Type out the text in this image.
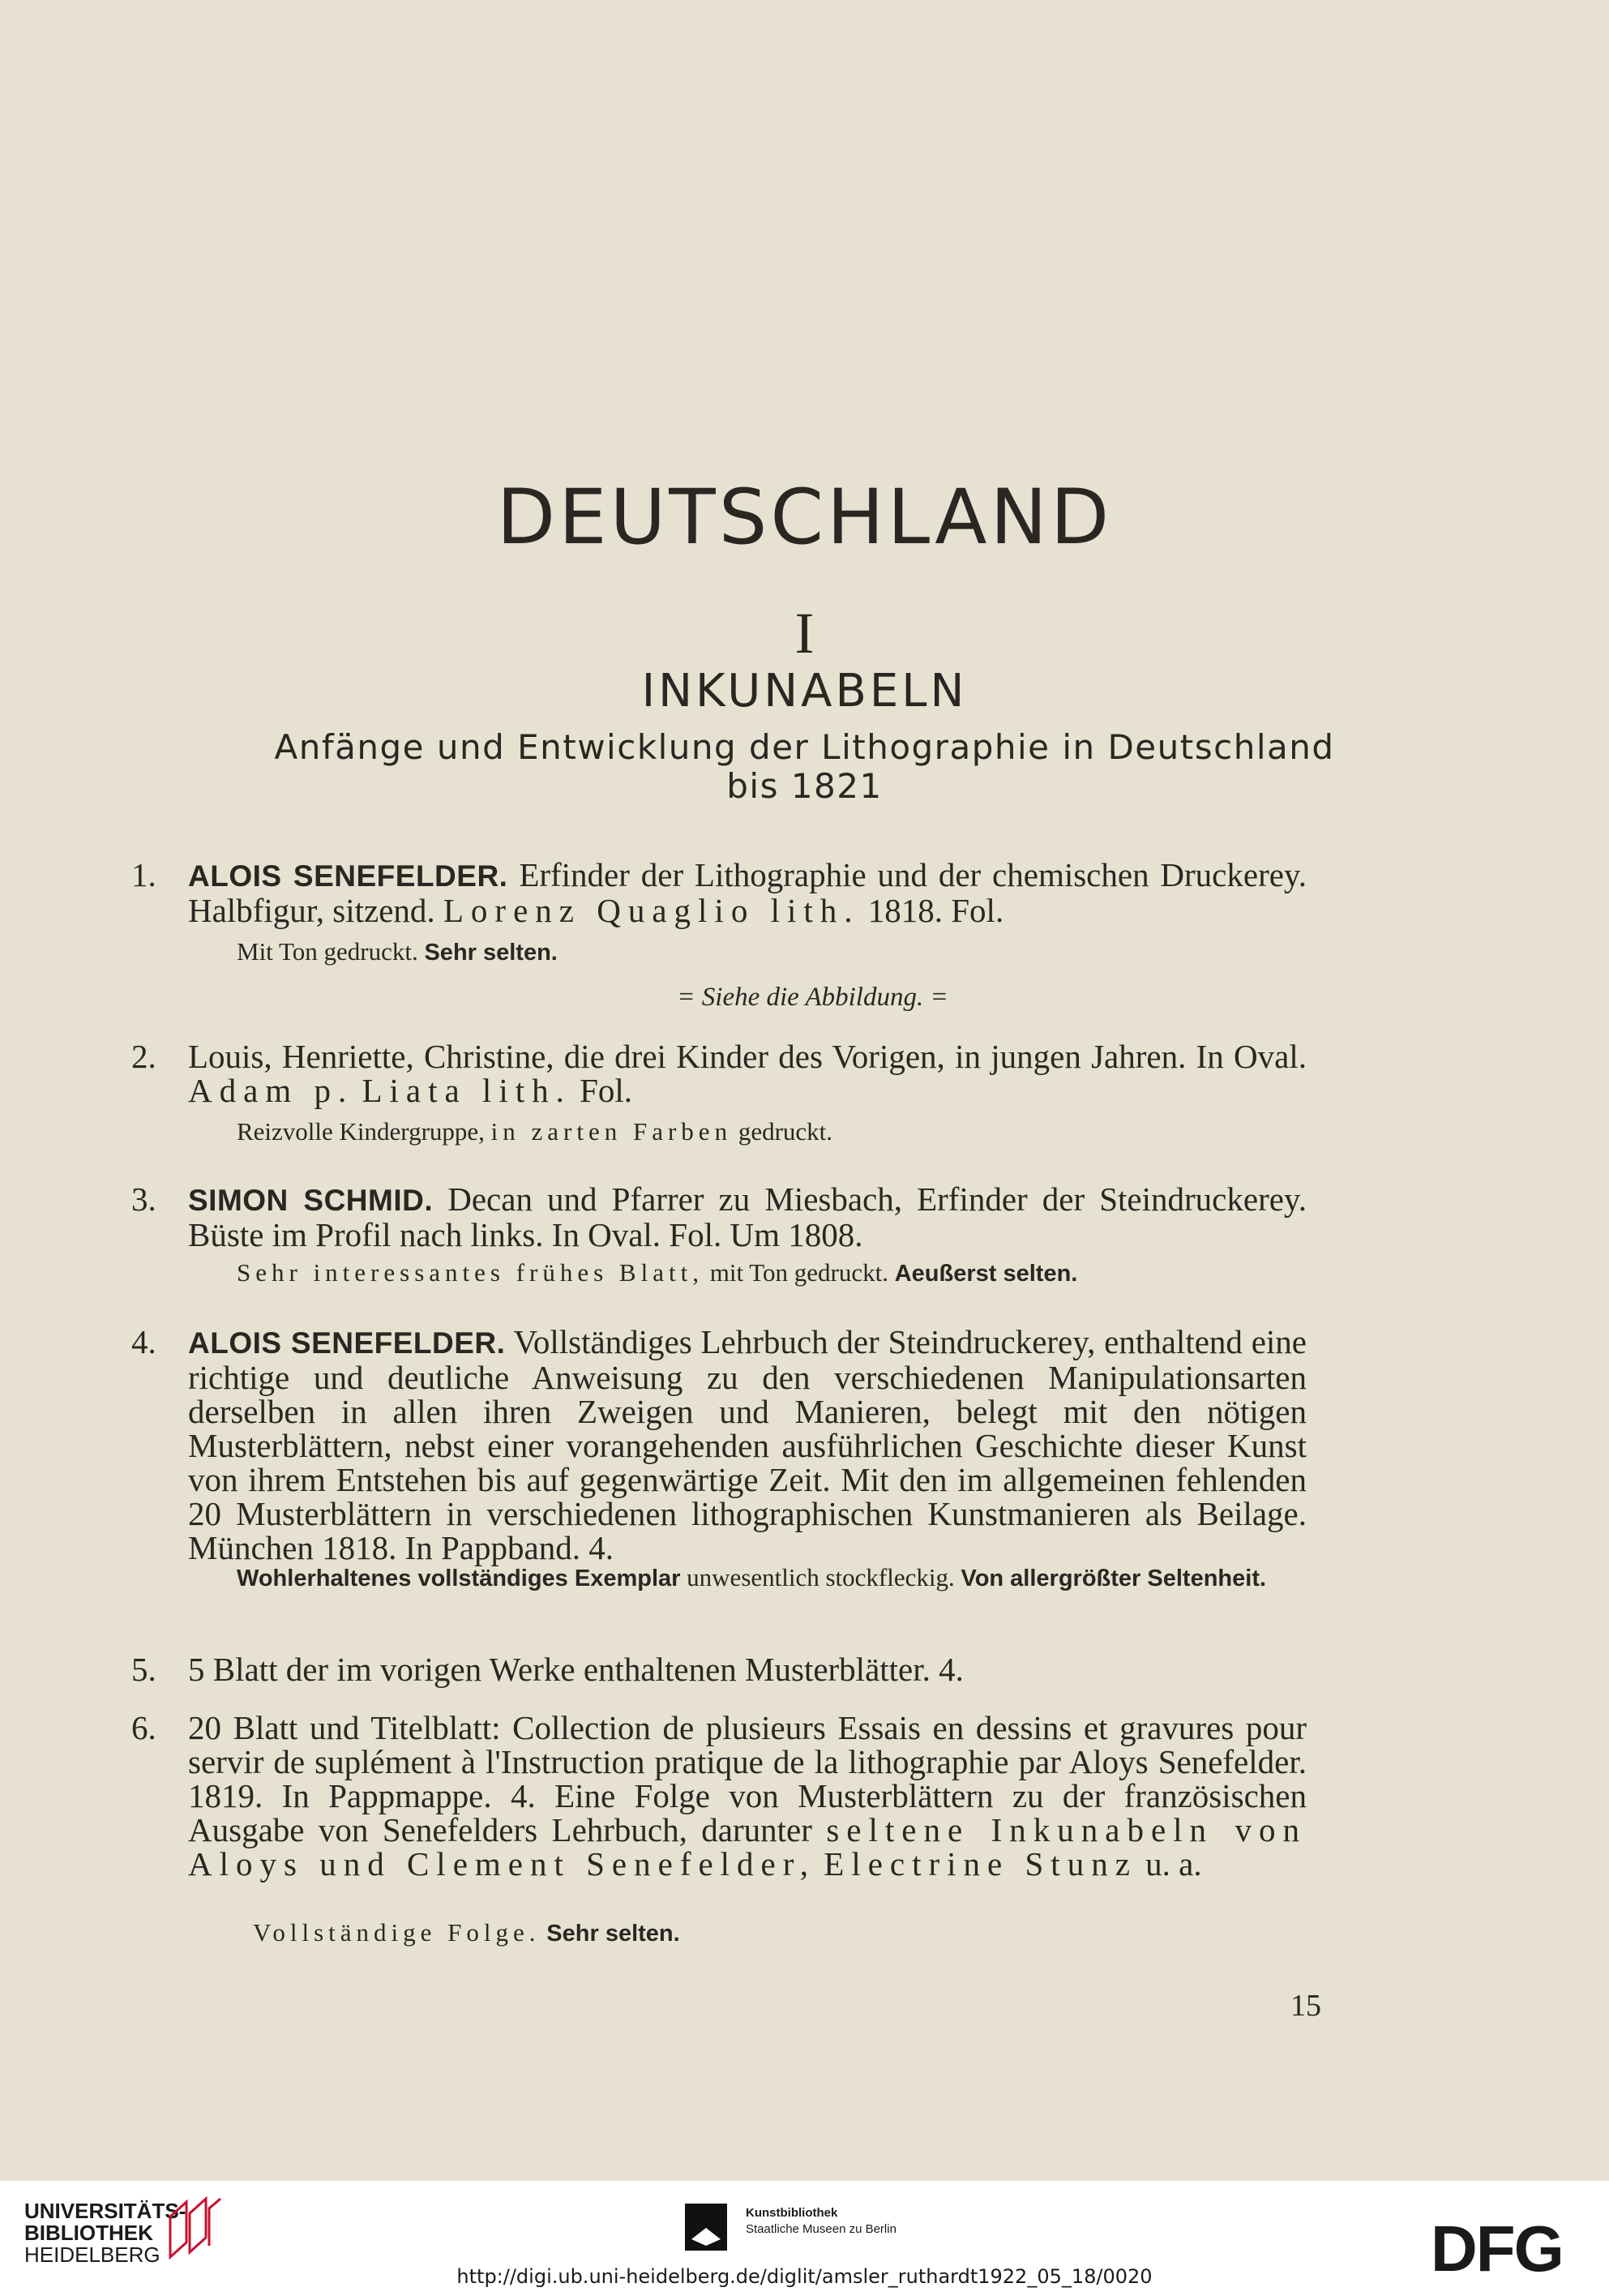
DEUTSCHLAND
I
INKUNABELN
Anfänge und Entwicklung der Lithographie in Deutschland
bis 1821
1.	ALOIS SENEFELDER. Erfinder der Lithographie und der chemischen Druckerey. Halbfigur, sitzend. Lorenz Quaglio lith. 1818. Fol.
Mit Ton gedruckt. Sehr selten.
= Siehe die Abbildung. =
2. Louis, Henriette, Christine, die drei Kinder des Vorigen, in jungen Jahren. In Oval. Adam p. Liata lith. Fol.
Reizvolle Kindergruppe, in zarten Farben gedruckt.
3.	SIMON SCHMID. Decan und Pfarrer zu Miesbach, Erfinder der Steindruckerey. Büste im Profil nach links. In Oval. Fol. Um 1808.
Sehr interessantes frühes Blatt, mit Ton gedruckt. Aeußerst selten.
4.	ALOIS SENEFELDER. Vollständiges Lehrbuch der Steindruckerey, enthaltend eine richtige und deutliche Anweisung zu den verschiedenen Manipulationsarten derselben in allen ihren Zweigen und Manieren, belegt mit den nötigen Musterblättern, nebst einer vorangehenden ausführlichen Geschichte dieser Kunst von ihrem Entstehen bis auf gegenwärtige Zeit. Mit den im allgemeinen fehlenden 20 Musterblättern in verschiedenen lithographischen Kunstmanieren als Beilage. München 1818. In Pappband. 4.
Wohlerhaltenes vollständiges Exemplar unwesentlich stockfleckig. Von allergrößter Seltenheit.
5. 5 Blatt der im vorigen Werke enthaltenen Musterblätter. 4.
6. 20 Blatt und Titelblatt: Collection de plusieurs Essais en dessins et gravures pour servir de suplément à l'Instruction pratique de la lithographie par Aloys Senefelder. 1819. In Pappmappe. 4. Eine Folge von Musterblättern zu der französischen Ausgabe von Senefelders Lehrbuch, darunter seltene Inkunabeln von Aloys und Clement Senefelder, Electrine Stunz u. a.
Vollständige Folge. Sehr selten.
15
UNIVERSITÄTS-
BIBLIOTHEK
HEIDELBERG
Kunstbibliothek
Staatliche Museen zu Berlin	DFG
http://digi.ub.uni-heidelberg.de/diglit/amsler_ruthardt1922_05_18/0020
